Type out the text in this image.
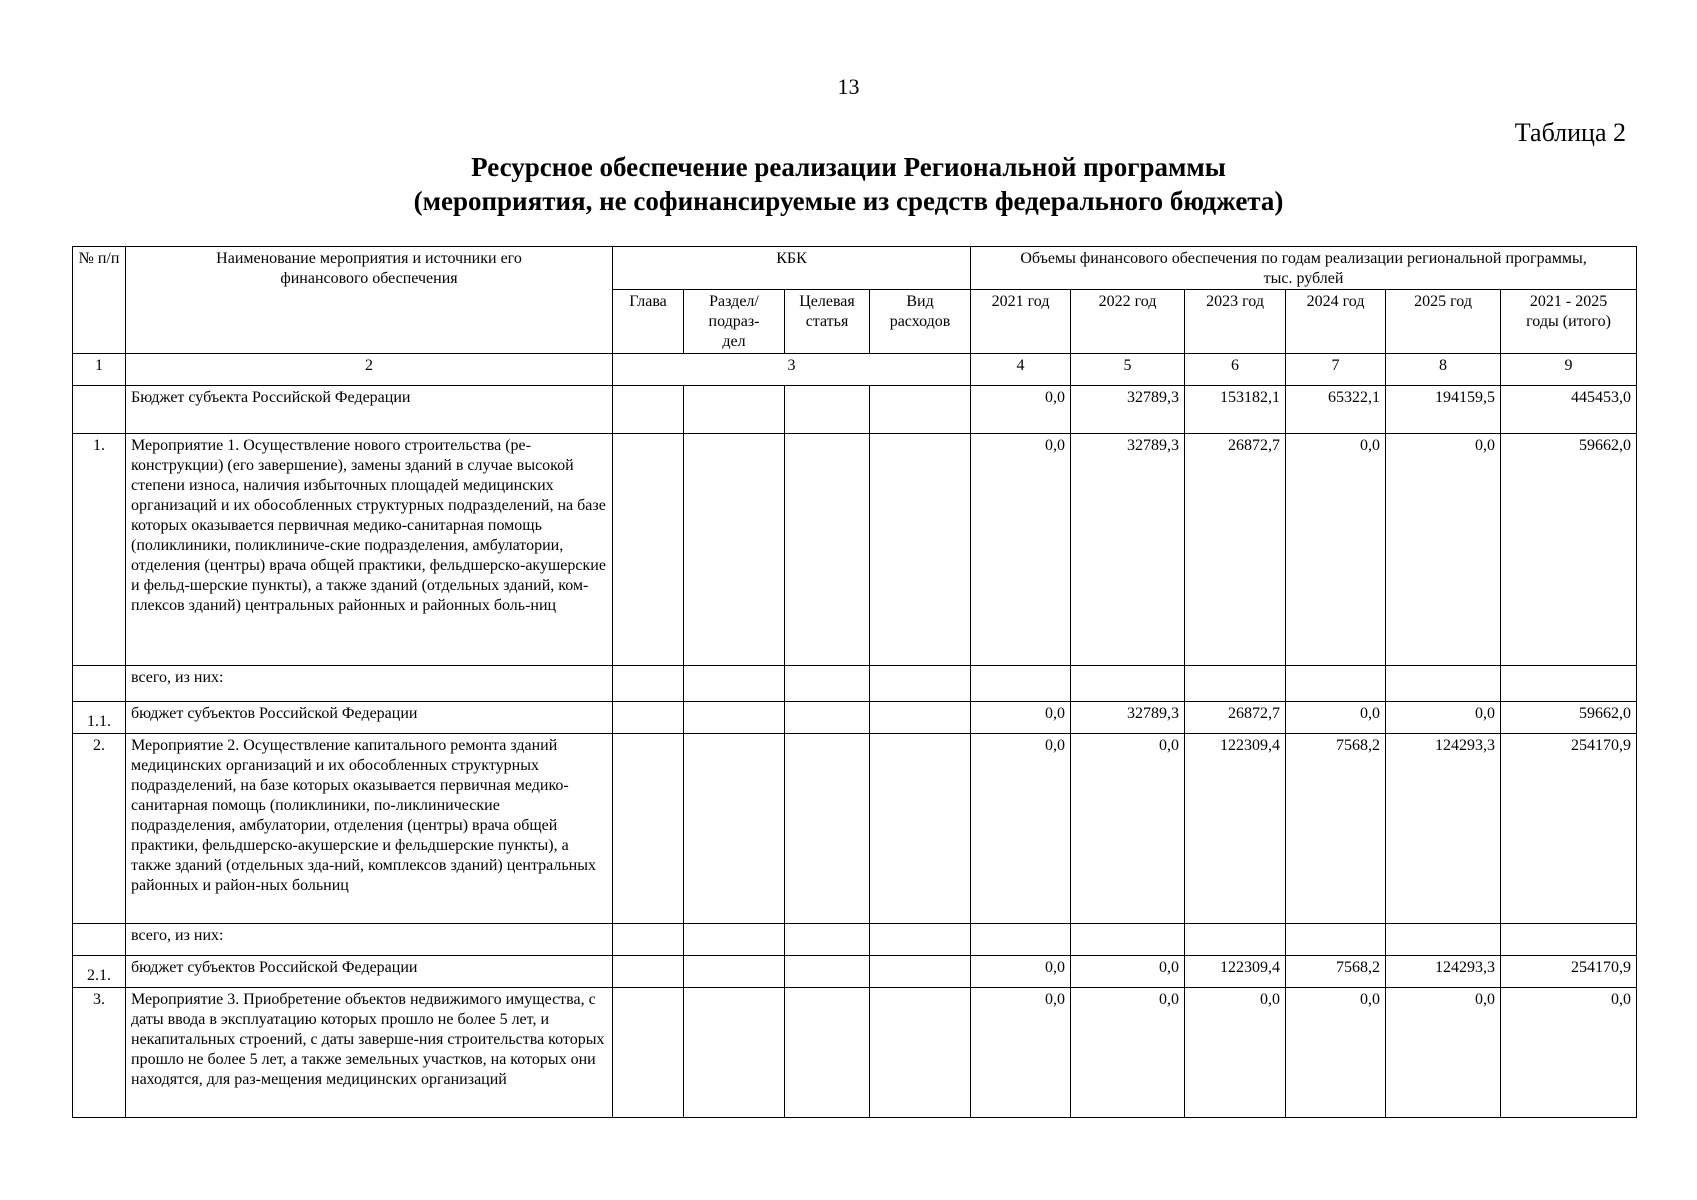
13
Таблица 2
Ресурсное обеспечение реализации Региональной программы
(мероприятия, не софинансируемые из средств федерального бюджета)
№ п/п	Наименование мероприятия и источники его финансового обеспечения	КБК				Объемы финансового обеспечения по годам реализации региональной программы, тыс. рублей					
		Глава	Раздел/ подраз- дел	Целевая статья	Вид расходов	2021 год	2022 год	2023 год	2024 год	2025 год	2021 - 2025 годы (итого)
1	2	3				4	5	6	7	8	9
	Бюджет субъекта Российской Федерации					0,0	32789,3	153182,1	65322,1	194159,5	445453,0
1.	Мероприятие 1. Осуществление нового строительства (ре-конструкции) (его завершение), замены зданий в случае высокой степени износа, наличия избыточных площадей медицинских организаций и их обособленных структурных подразделений, на базе которых оказывается первичная медико-санитарная помощь (поликлиники, поликлиниче-ские подразделения, амбулатории, отделения (центры) врача общей практики, фельдшерско-акушерские и фельд-шерские пункты), а также зданий (отдельных зданий, ком-плексов зданий) центральных районных и районных боль-ниц					0,0	32789,3	26872,7	0,0	0,0	59662,0
	всего, из них:										
1.1.	бюджет субъектов Российской Федерации					0,0	32789,3	26872,7	0,0	0,0	59662,0
2.	Мероприятие 2. Осуществление капитального ремонта зданий медицинских организаций и их обособленных структурных подразделений, на базе которых оказывается первичная медико-санитарная помощь (поликлиники, по-ликлинические подразделения, амбулатории, отделения (центры) врача общей практики, фельдшерско-акушерские и фельдшерские пункты), а также зданий (отдельных зда-ний, комплексов зданий) центральных районных и район-ных больниц					0,0	0,0	122309,4	7568,2	124293,3	254170,9
	всего, из них:										
2.1.	бюджет субъектов Российской Федерации					0,0	0,0	122309,4	7568,2	124293,3	254170,9
3.	Мероприятие 3. Приобретение объектов недвижимого имущества, с даты ввода в эксплуатацию которых прошло не более 5 лет, и некапитальных строений, с даты заверше-ния строительства которых прошло не более 5 лет, а также земельных участков, на которых они находятся, для раз-мещения медицинских организаций					0,0	0,0	0,0	0,0	0,0	0,0
